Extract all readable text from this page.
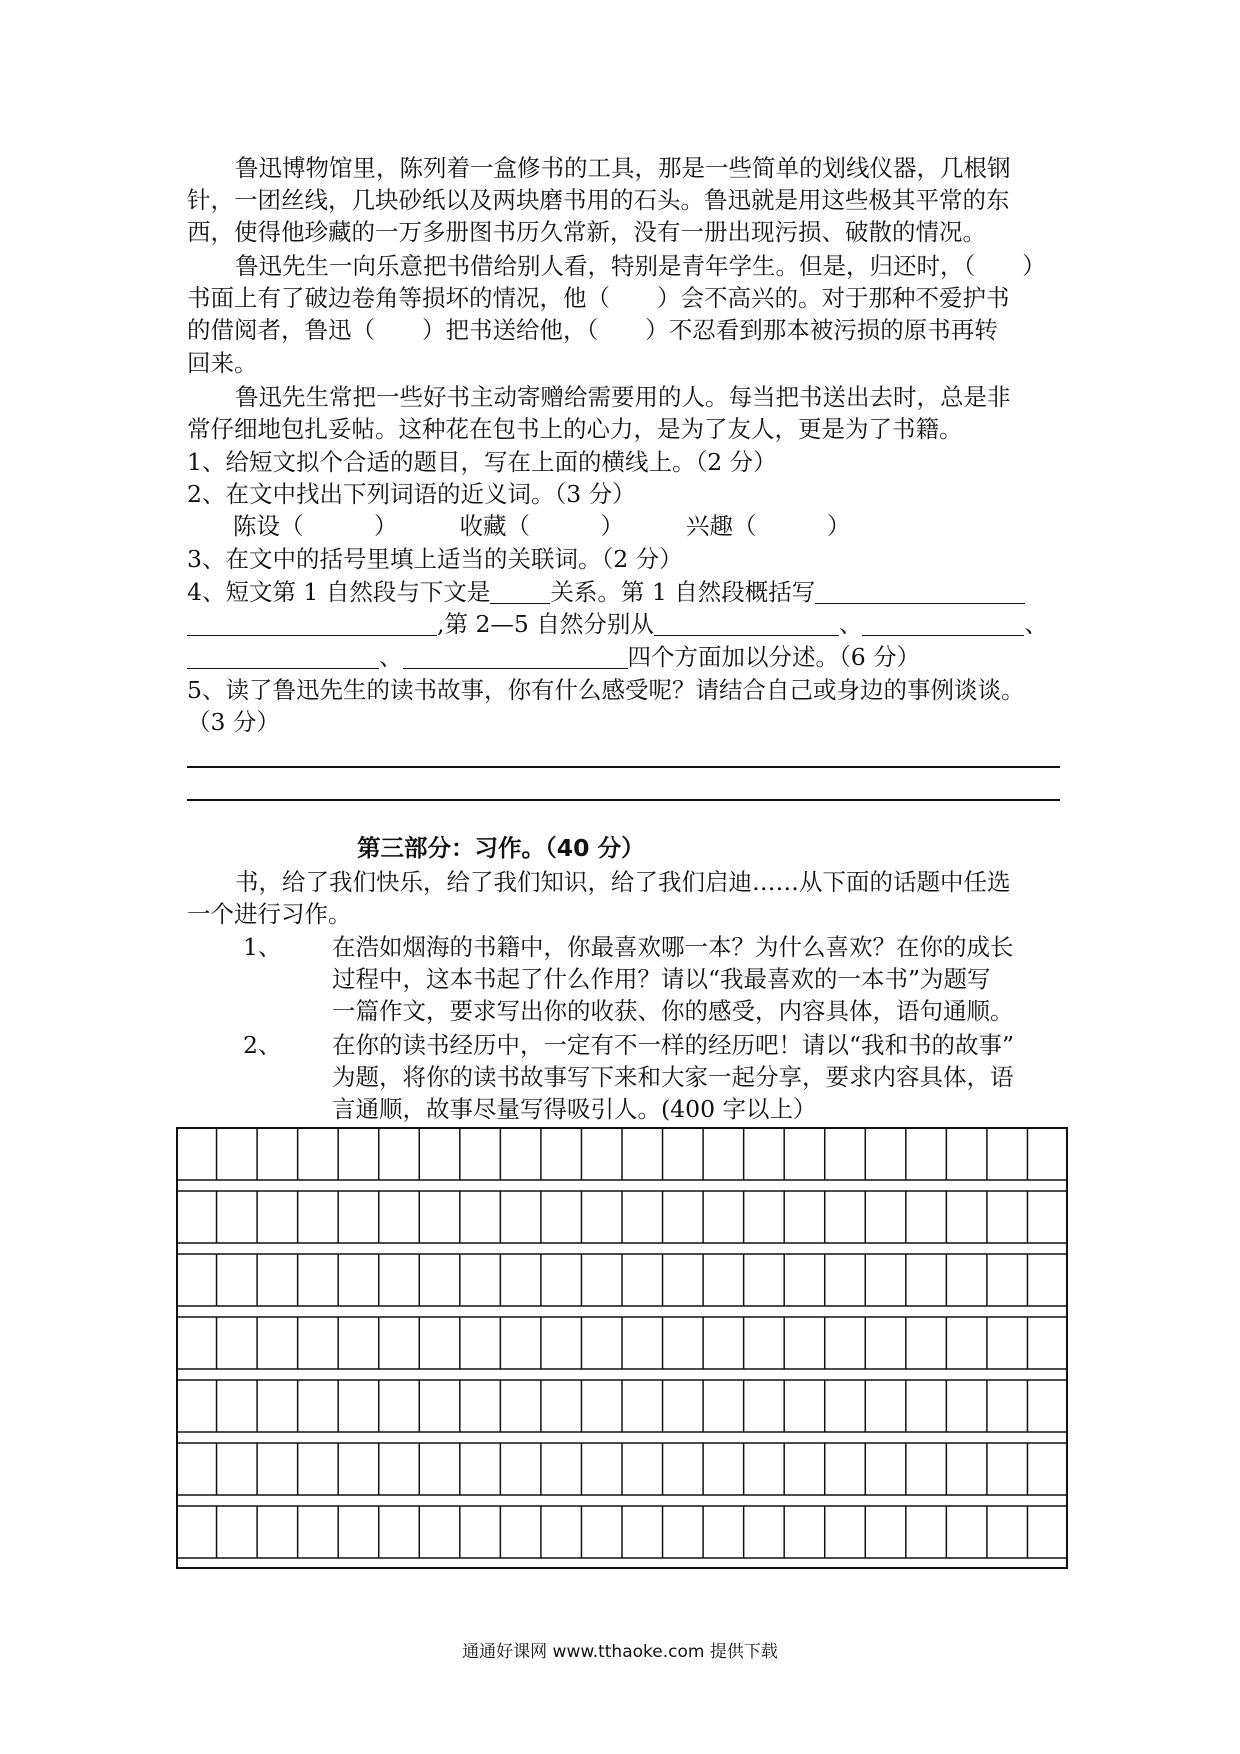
鲁迅博物馆里，陈列着一盒修书的工具，那是一些简单的划线仪器，几根钢
针，一团丝线，几块砂纸以及两块磨书用的石头。鲁迅就是用这些极其平常的东
西，使得他珍藏的一万多册图书历久常新，没有一册出现污损、破散的情况。
鲁迅先生一向乐意把书借给别人看，特别是青年学生。但是，归还时，（　　）
书面上有了破边卷角等损坏的情况，他（　　）会不高兴的。对于那种不爱护书
的借阅者，鲁迅（　　）把书送给他，（　　）不忍看到那本被污损的原书再转
回来。
鲁迅先生常把一些好书主动寄赠给需要用的人。每当把书送出去时，总是非
常仔细地包扎妥帖。这种花在包书上的心力，是为了友人，更是为了书籍。
1、给短文拟个合适的题目，写在上面的横线上。（2 分）
2、在文中找出下列词语的近义词。（3 分）
陈设（　　　）	收藏（　　　）	兴趣（　　　）
3、在文中的括号里填上适当的关联词。（2 分）
4、短文第 1 自然段与下文是	关系。第 1 自然段概括写
,第 2—5 自然分别从	、	、
、	四个方面加以分述。（6 分）
5、读了鲁迅先生的读书故事，你有什么感受呢？请结合自己或身边的事例谈谈。
（3 分）
第三部分：习作。（40 分）
书，给了我们快乐，给了我们知识，给了我们启迪……从下面的话题中任选
一个进行习作。
1、 在浩如烟海的书籍中，你最喜欢哪一本？为什么喜欢？在你的成长
过程中，这本书起了什么作用？请以“我最喜欢的一本书”为题写
一篇作文，要求写出你的收获、你的感受，内容具体，语句通顺。
2、 在你的读书经历中，一定有不一样的经历吧！请以“我和书的故事”
为题，将你的读书故事写下来和大家一起分享，要求内容具体，语
言通顺，故事尽量写得吸引人。(400 字以上）
通通好课网 www.tthaoke.com 提供下载
